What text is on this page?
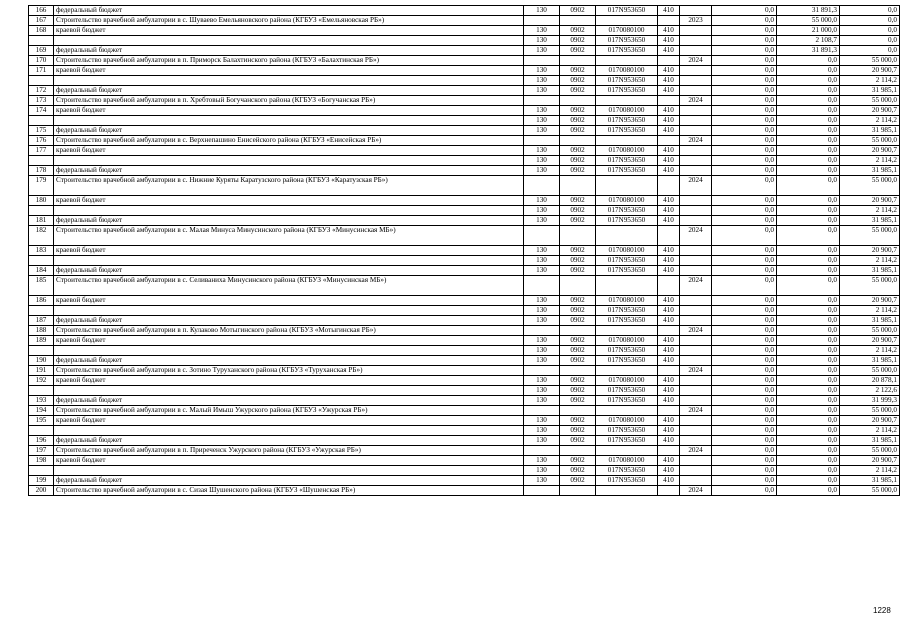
166	федеральный бюджет	130	0902	017N953650	410		0,0	31 891,3	0,0
167	Строительство врачебной амбулатории в с. Шуваево Емельяновского района (КГБУЗ «Емельяновская РБ»)					2023	0,0	55 000,0	0,0
168	краевой бюджет	130	0902	0170080100	410		0,0	21 000,0	0,0
		130	0902	017N953650	410		0,0	2 108,7	0,0
169	федеральный бюджет	130	0902	017N953650	410		0,0	31 891,3	0,0
170	Строительство врачебной амбулатории в п. Приморск Балахтинского района (КГБУЗ «Балахтинская РБ»)					2024	0,0	0,0	55 000,0
171	краевой бюджет	130	0902	0170080100	410		0,0	0,0	20 900,7
		130	0902	017N953650	410		0,0	0,0	2 114,2
172	федеральный бюджет	130	0902	017N953650	410		0,0	0,0	31 985,1
173	Строительство врачебной амбулатории в п. Хребтовый Богучанского района (КГБУЗ «Богучанская РБ»)					2024	0,0	0,0	55 000,0
174	краевой бюджет	130	0902	0170080100	410		0,0	0,0	20 900,7
		130	0902	017N953650	410		0,0	0,0	2 114,2
175	федеральный бюджет	130	0902	017N953650	410		0,0	0,0	31 985,1
176	Строительство врачебной амбулатории в с. Верхнепашино Енисейского района (КГБУЗ «Енисейская РБ»)					2024	0,0	0,0	55 000,0
177	краевой бюджет	130	0902	0170080100	410		0,0	0,0	20 900,7
		130	0902	017N953650	410		0,0	0,0	2 114,2
178	федеральный бюджет	130	0902	017N953650	410		0,0	0,0	31 985,1
179	Строительство врачебной амбулатории в с. Нижние Куряты Каратузского района (КГБУЗ «Каратузская РБ»)					2024	0,0	0,0	55 000,0
180	краевой бюджет	130	0902	0170080100	410		0,0	0,0	20 900,7
		130	0902	017N953650	410		0,0	0,0	2 114,2
181	федеральный бюджет	130	0902	017N953650	410		0,0	0,0	31 985,1
182	Строительство врачебной амбулатории в с. Малая Минуса Минусинского района (КГБУЗ «Минусинская МБ»)					2024	0,0	0,0	55 000,0
183	краевой бюджет	130	0902	0170080100	410		0,0	0,0	20 900,7
		130	0902	017N953650	410		0,0	0,0	2 114,2
184	федеральный бюджет	130	0902	017N953650	410		0,0	0,0	31 985,1
185	Строительство врачебной амбулатории в с. Селиваниха Минусинского района (КГБУЗ «Минусинская МБ»)					2024	0,0	0,0	55 000,0
186	краевой бюджет	130	0902	0170080100	410		0,0	0,0	20 900,7
		130	0902	017N953650	410		0,0	0,0	2 114,2
187	федеральный бюджет	130	0902	017N953650	410		0,0	0,0	31 985,1
188	Строительство врачебной амбулатории в п. Кулаково Мотыгинского района (КГБУЗ «Мотыгинская РБ»)					2024	0,0	0,0	55 000,0
189	краевой бюджет	130	0902	0170080100	410		0,0	0,0	20 900,7
		130	0902	017N953650	410		0,0	0,0	2 114,2
190	федеральный бюджет	130	0902	017N953650	410		0,0	0,0	31 985,1
191	Строительство врачебной амбулатории в с. Зотино Туруханского района (КГБУЗ «Туруханская РБ»)					2024	0,0	0,0	55 000,0
192	краевой бюджет	130	0902	0170080100	410		0,0	0,0	20 878,1
		130	0902	017N953650	410		0,0	0,0	2 122,6
193	федеральный бюджет	130	0902	017N953650	410		0,0	0,0	31 999,3
194	Строительство врачебной амбулатории в с. Малый Имыш Ужурского района (КГБУЗ «Ужурская РБ»)					2024	0,0	0,0	55 000,0
195	краевой бюджет	130	0902	0170080100	410		0,0	0,0	20 900,7
		130	0902	017N953650	410		0,0	0,0	2 114,2
196	федеральный бюджет	130	0902	017N953650	410		0,0	0,0	31 985,1
197	Строительство врачебной амбулатории в п. Приреченск Ужурского района (КГБУЗ «Ужурская РБ»)					2024	0,0	0,0	55 000,0
198	краевой бюджет	130	0902	0170080100	410		0,0	0,0	20 900,7
		130	0902	017N953650	410		0,0	0,0	2 114,2
199	федеральный бюджет	130	0902	017N953650	410		0,0	0,0	31 985,1
200	Строительство врачебной амбулатории в с. Сизая Шушенского района (КГБУЗ «Шушенская РБ»)					2024	0,0	0,0	55 000,0
1228
